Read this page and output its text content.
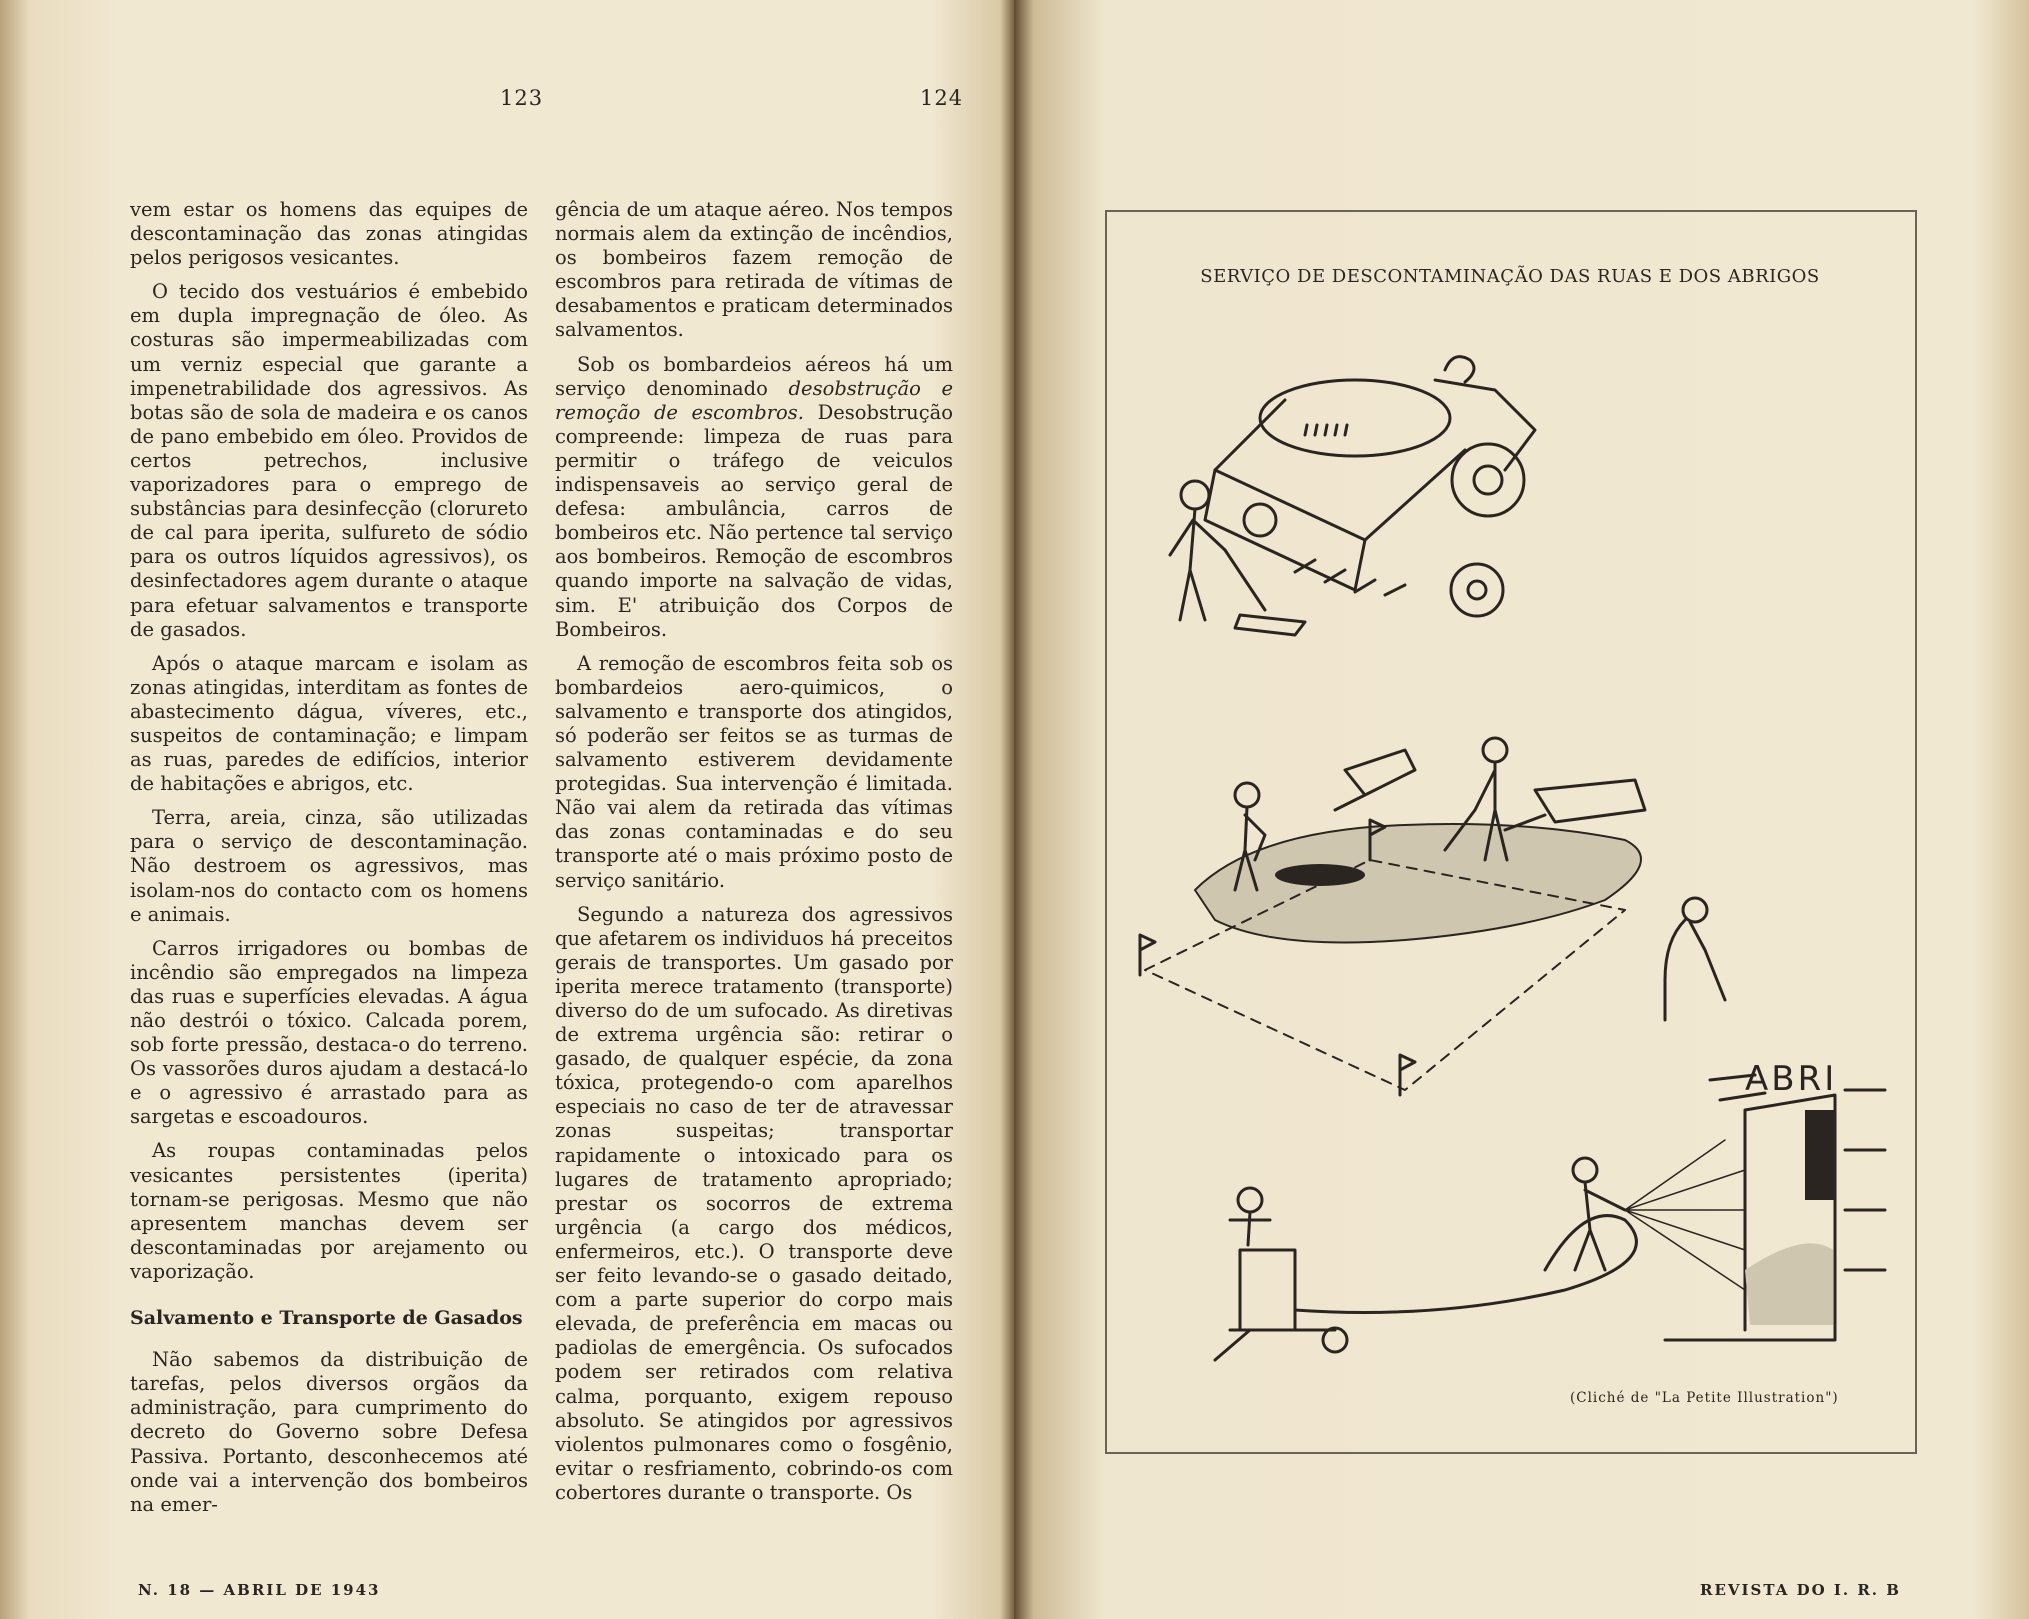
123

vem estar os homens das equipes de descontaminação das zonas atingidas pelos perigosos vesicantes.

O tecido dos vestuários é embebido em dupla impregnação de óleo. As costuras são impermeabilizadas com um verniz especial que garante a impenetrabilidade dos agressivos. As botas são de sola de madeira e os canos de pano embebido em óleo. Providos de certos petrechos, inclusive vaporizadores para o emprego de substâncias para desinfecção (clorureto de cal para iperita, sulfureto de sódio para os outros líquidos agressivos), os desinfectadores agem durante o ataque para efetuar salvamentos e transporte de gasados.

Após o ataque marcam e isolam as zonas atingidas, interditam as fontes de abastecimento dágua, víveres, etc., suspeitos de contaminação; e limpam as ruas, paredes de edifícios, interior de habitações e abrigos, etc.

Terra, areia, cinza, são utilizadas para o serviço de descontaminação. Não destroem os agressivos, mas isolam-nos do contacto com os homens e animais.

Carros irrigadores ou bombas de incêndio são empregados na limpeza das ruas e superfícies elevadas. A água não destrói o tóxico. Calcada porem, sob forte pressão, destaca-o do terreno. Os vassorões duros ajudam a destacá-lo e o agressivo é arrastado para as sargetas e escoadouros.

As roupas contaminadas pelos vesicantes persistentes (iperita) tornam-se perigosas. Mesmo que não apresentem manchas devem ser descontaminadas por arejamento ou vaporização.

Salvamento e Transporte de Gasados

Não sabemos da distribuição de tarefas, pelos diversos orgãos da administração, para cumprimento do decreto do Governo sobre Defesa Passiva. Portanto, desconhecemos até onde vai a intervenção dos bombeiros na emer-

gência de um ataque aéreo. Nos tempos normais alem da extinção de incêndios, os bombeiros fazem remoção de escombros para retirada de vítimas de desabamentos e praticam determinados salvamentos.

Sob os bombardeios aéreos há um serviço denominado desobstrução e remoção de escombros. Desobstrução compreende: limpeza de ruas para permitir o tráfego de veiculos indispensaveis ao serviço geral de defesa: ambulância, carros de bombeiros etc. Não pertence tal serviço aos bombeiros. Remoção de escombros quando importe na salvação de vidas, sim. E' atribuição dos Corpos de Bombeiros.

A remoção de escombros feita sob os bombardeios aero-quimicos, o salvamento e transporte dos atingidos, só poderão ser feitos se as turmas de salvamento estiverem devidamente protegidas. Sua intervenção é limitada. Não vai alem da retirada das vítimas das zonas contaminadas e do seu transporte até o mais próximo posto de serviço sanitário.

Segundo a natureza dos agressivos que afetarem os individuos há preceitos gerais de transportes. Um gasado por iperita merece tratamento (transporte) diverso do de um sufocado. As diretivas de extrema urgência são: retirar o gasado, de qualquer espécie, da zona tóxica, protegendo-o com aparelhos especiais no caso de ter de atravessar zonas suspeitas; transportar rapidamente o intoxicado para os lugares de tratamento apropriado; prestar os socorros de extrema urgência (a cargo dos médicos, enfermeiros, etc.). O transporte deve ser feito levando-se o gasado deitado, com a parte superior do corpo mais elevada, de preferência em macas ou padiolas de emergência. Os sufocados podem ser retirados com relativa calma, porquanto, exigem repouso absoluto. Se atingidos por agressivos violentos pulmonares como o fosgênio, evitar o resfriamento, cobrindo-os com cobertores durante o transporte. Os

N. 18 — ABRIL DE 1943
124
SERVIÇO DE DESCONTAMINAÇÃO DAS RUAS E DOS ABRIGOS
ABRI
(Cliché de "La Petite Illustration")
REVISTA DO I. R. B
